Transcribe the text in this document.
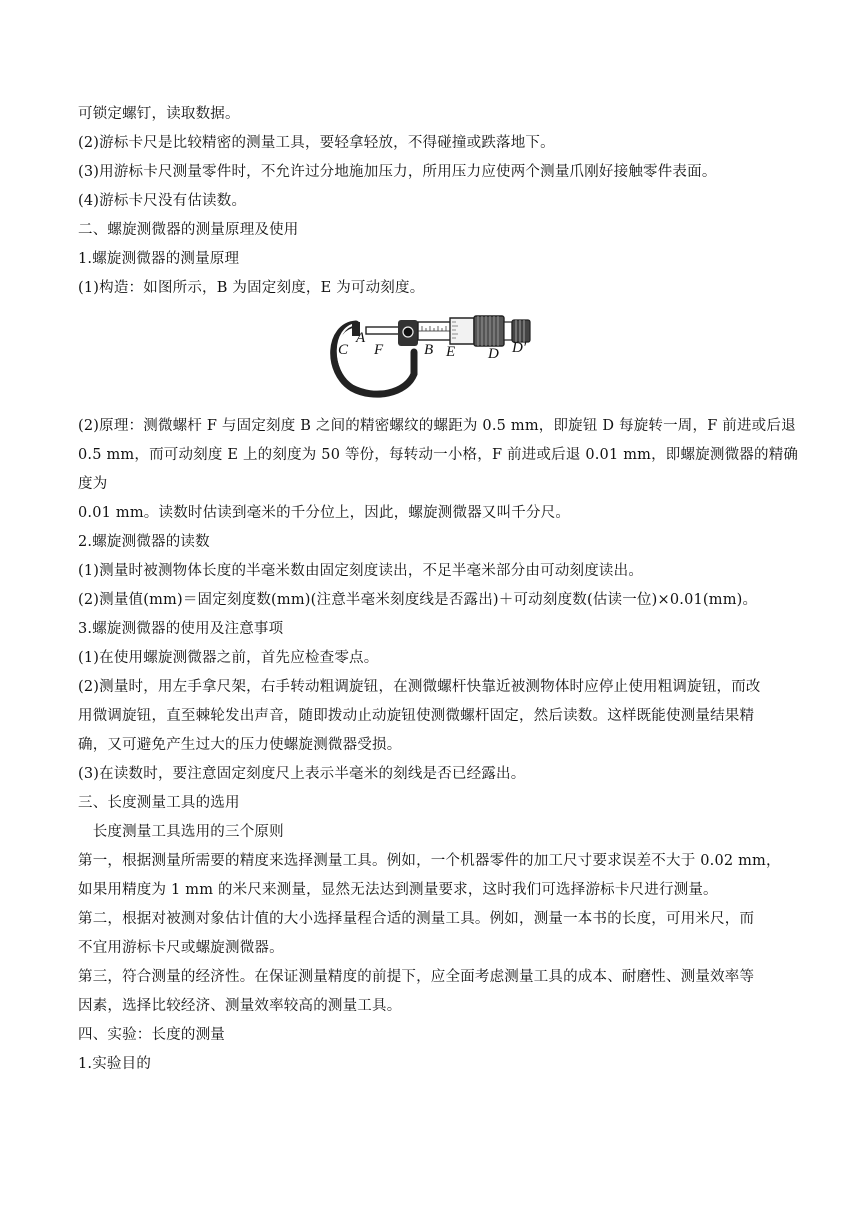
可锁定螺钉，读取数据。
(2)游标卡尺是比较精密的测量工具，要轻拿轻放，不得碰撞或跌落地下。
(3)用游标卡尺测量零件时，不允许过分地施加压力，所用压力应使两个测量爪刚好接触零件表面。
(4)游标卡尺没有估读数。
二、螺旋测微器的测量原理及使用
1.螺旋测微器的测量原理
(1)构造：如图所示，B 为固定刻度，E 为可动刻度。
A
C F	B E D D′
(2)原理：测微螺杆 F 与固定刻度 B 之间的精密螺纹的螺距为 0.5 mm，即旋钮 D 每旋转一周，F 前进或后退
0.5 mm，而可动刻度 E 上的刻度为 50 等份，每转动一小格，F 前进或后退 0.01 mm，即螺旋测微器的精确
度为
0.01 mm。读数时估读到毫米的千分位上，因此，螺旋测微器又叫千分尺。
2.螺旋测微器的读数
(1)测量时被测物体长度的半毫米数由固定刻度读出，不足半毫米部分由可动刻度读出。
(2)测量值(mm)＝固定刻度数(mm)(注意半毫米刻度线是否露出)＋可动刻度数(估读一位)×0.01(mm)。
3.螺旋测微器的使用及注意事项
(1)在使用螺旋测微器之前，首先应检查零点。
(2)测量时，用左手拿尺架，右手转动粗调旋钮，在测微螺杆快靠近被测物体时应停止使用粗调旋钮，而改
用微调旋钮，直至棘轮发出声音，随即拨动止动旋钮使测微螺杆固定，然后读数。这样既能使测量结果精
确，又可避免产生过大的压力使螺旋测微器受损。
(3)在读数时，要注意固定刻度尺上表示半毫米的刻线是否已经露出。
三、长度测量工具的选用
　长度测量工具选用的三个原则
第一，根据测量所需要的精度来选择测量工具。例如，一个机器零件的加工尺寸要求误差不大于 0.02 mm，
如果用精度为 1 mm 的米尺来测量，显然无法达到测量要求，这时我们可选择游标卡尺进行测量。
第二，根据对被测对象估计值的大小选择量程合适的测量工具。例如，测量一本书的长度，可用米尺，而
不宜用游标卡尺或螺旋测微器。
第三，符合测量的经济性。在保证测量精度的前提下，应全面考虑测量工具的成本、耐磨性、测量效率等
因素，选择比较经济、测量效率较高的测量工具。
四、实验：长度的测量
1.实验目的
